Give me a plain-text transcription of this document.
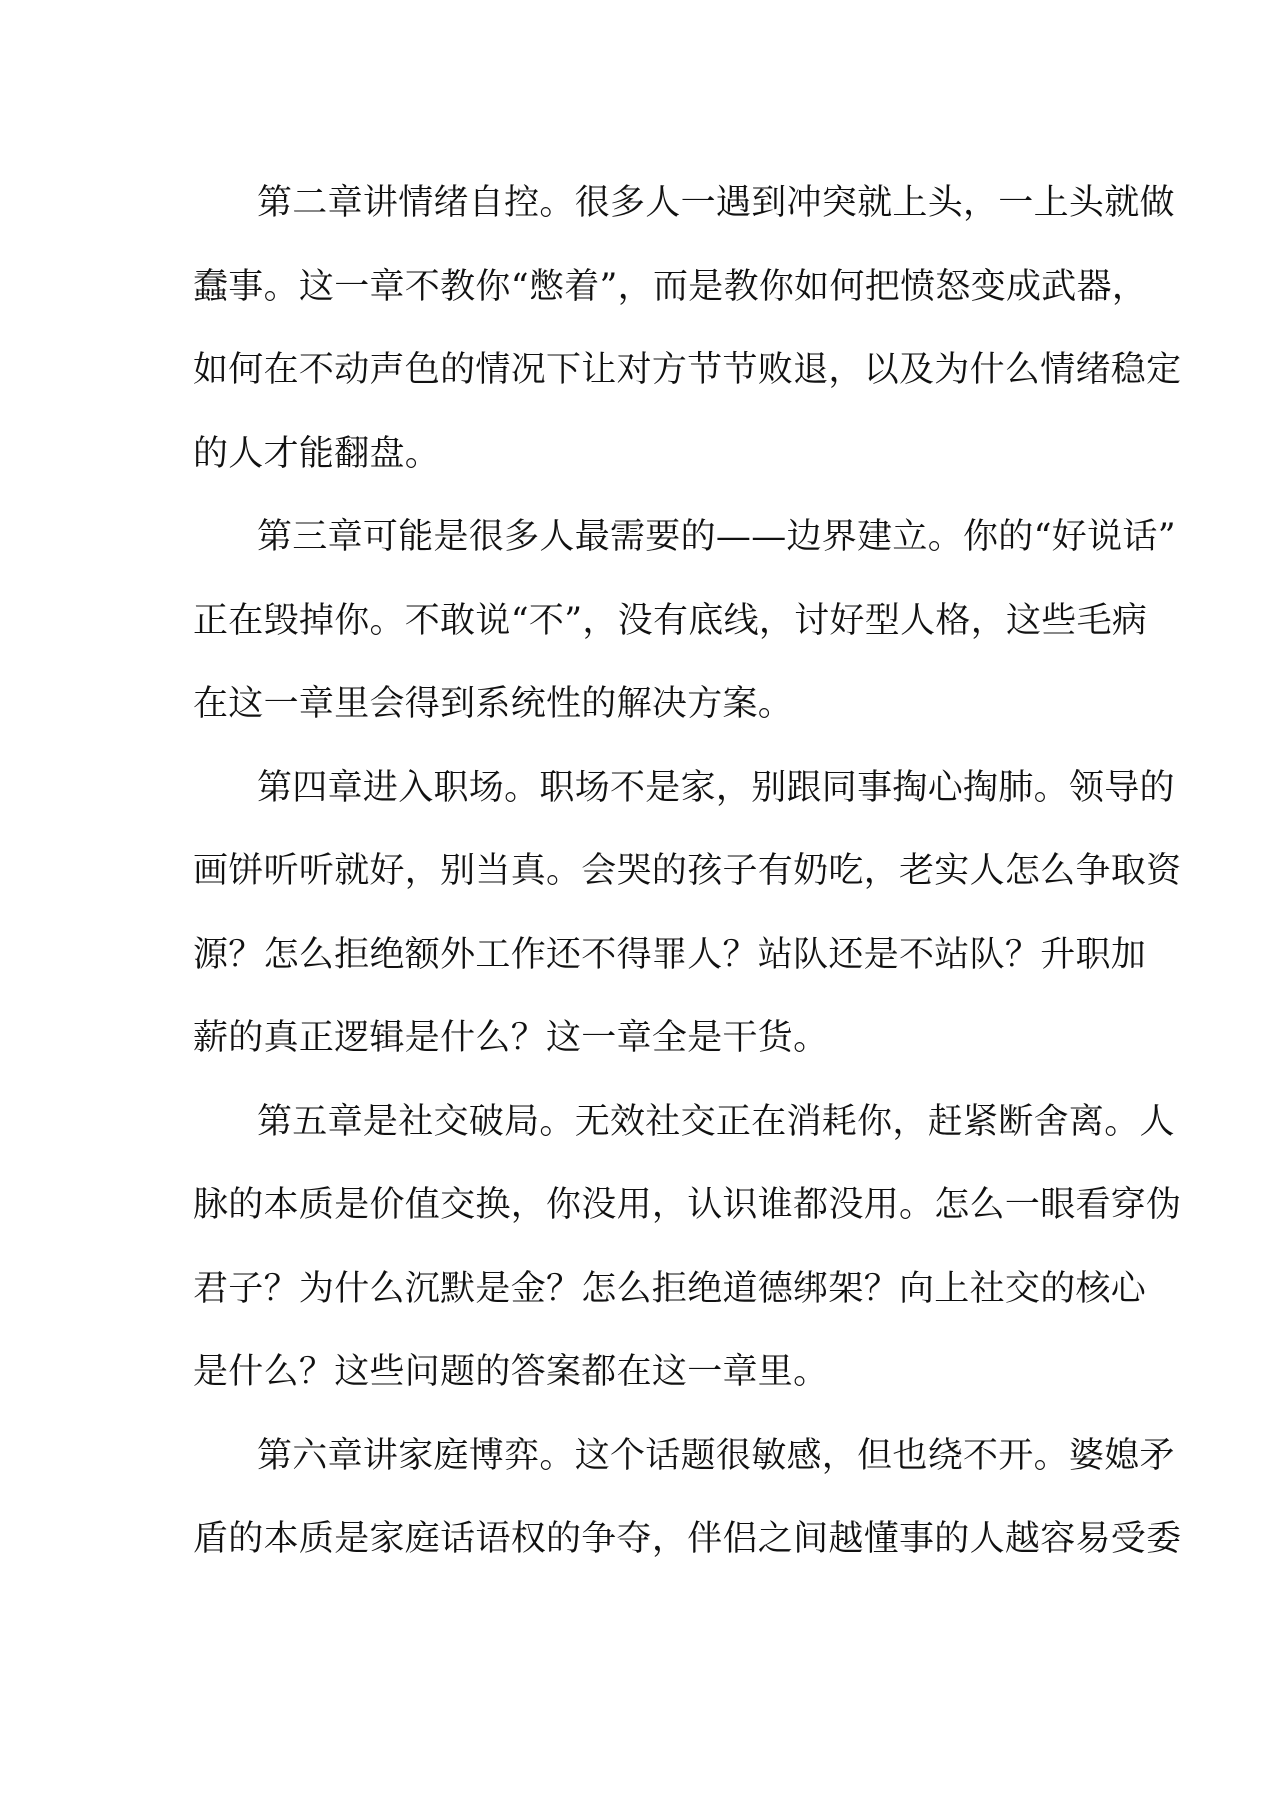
第二章讲情绪自控。很多人一遇到冲突就上头，一上头就做
蠢事。这一章不教你“憋着”，而是教你如何把愤怒变成武器，
如何在不动声色的情况下让对方节节败退，以及为什么情绪稳定
的人才能翻盘。
第三章可能是很多人最需要的——边界建立。你的“好说话”
正在毁掉你。不敢说“不”，没有底线，讨好型人格，这些毛病
在这一章里会得到系统性的解决方案。
第四章进入职场。职场不是家，别跟同事掏心掏肺。领导的
画饼听听就好，别当真。会哭的孩子有奶吃，老实人怎么争取资
源？怎么拒绝额外工作还不得罪人？站队还是不站队？升职加
薪的真正逻辑是什么？这一章全是干货。
第五章是社交破局。无效社交正在消耗你，赶紧断舍离。人
脉的本质是价值交换，你没用，认识谁都没用。怎么一眼看穿伪
君子？为什么沉默是金？怎么拒绝道德绑架？向上社交的核心
是什么？这些问题的答案都在这一章里。
第六章讲家庭博弈。这个话题很敏感，但也绕不开。婆媳矛
盾的本质是家庭话语权的争夺，伴侣之间越懂事的人越容易受委
